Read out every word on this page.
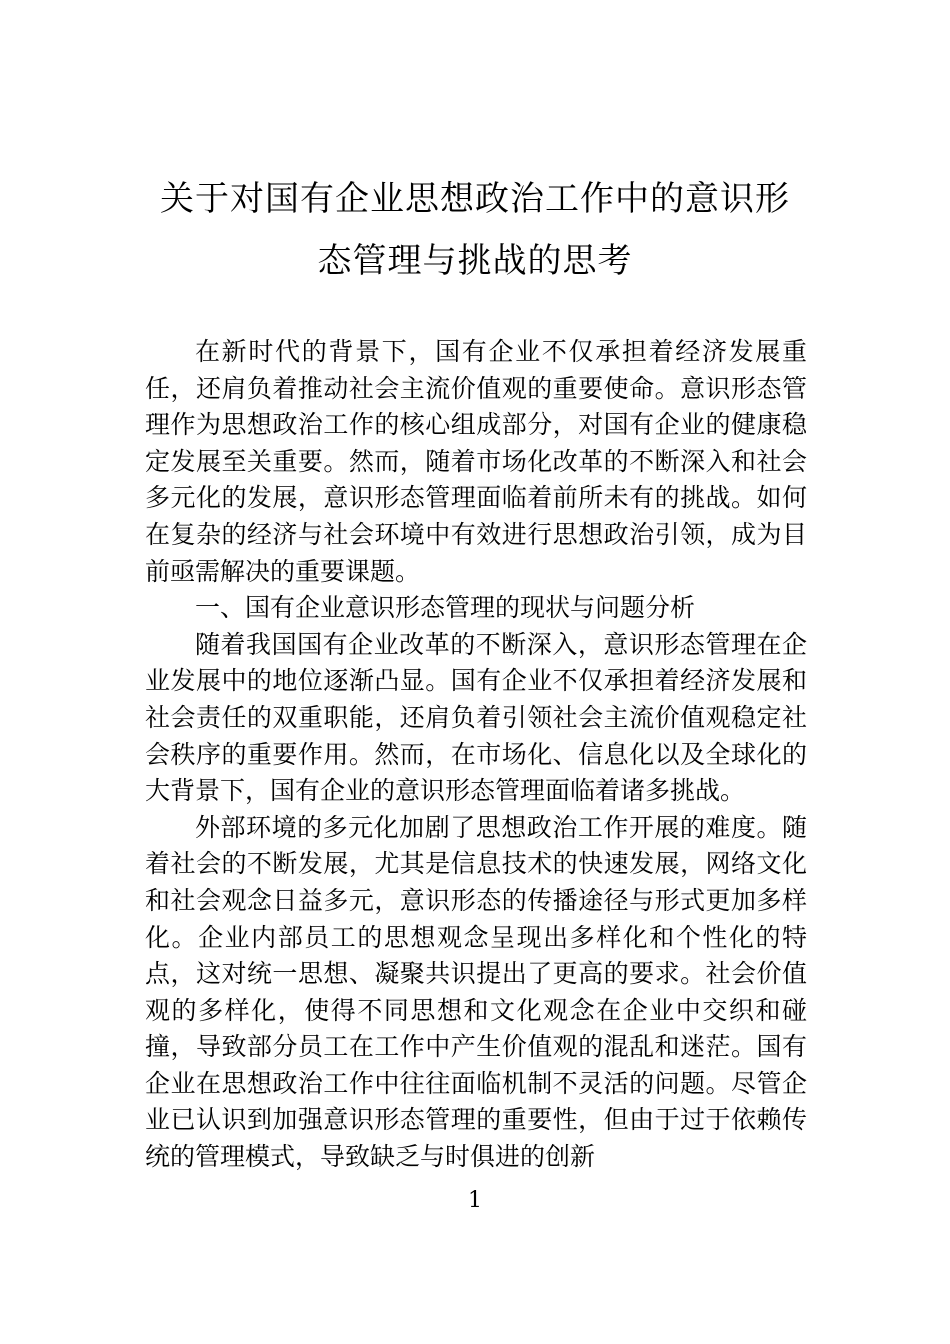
关于对国有企业思想政治工作中的意识形
态管理与挑战的思考

在新时代的背景下，国有企业不仅承担着经济发展重任，还肩负着推动社会主流价值观的重要使命。意识形态管理作为思想政治工作的核心组成部分，对国有企业的健康稳定发展至关重要。然而，随着市场化改革的不断深入和社会多元化的发展，意识形态管理面临着前所未有的挑战。如何在复杂的经济与社会环境中有效进行思想政治引领，成为目前亟需解决的重要课题。

一、国有企业意识形态管理的现状与问题分析

随着我国国有企业改革的不断深入，意识形态管理在企业发展中的地位逐渐凸显。国有企业不仅承担着经济发展和社会责任的双重职能，还肩负着引领社会主流价值观稳定社会秩序的重要作用。然而，在市场化、信息化以及全球化的大背景下，国有企业的意识形态管理面临着诸多挑战。

外部环境的多元化加剧了思想政治工作开展的难度。随着社会的不断发展，尤其是信息技术的快速发展，网络文化和社会观念日益多元，意识形态的传播途径与形式更加多样化。企业内部员工的思想观念呈现出多样化和个性化的特点，这对统一思想、凝聚共识提出了更高的要求。社会价值观的多样化，使得不同思想和文化观念在企业中交织和碰撞，导致部分员工在工作中产生价值观的混乱和迷茫。国有企业在思想政治工作中往往面临机制不灵活的问题。尽管企业已认识到加强意识形态管理的重要性，但由于过于依赖传统的管理模式，导致缺乏与时俱进的创新

1
